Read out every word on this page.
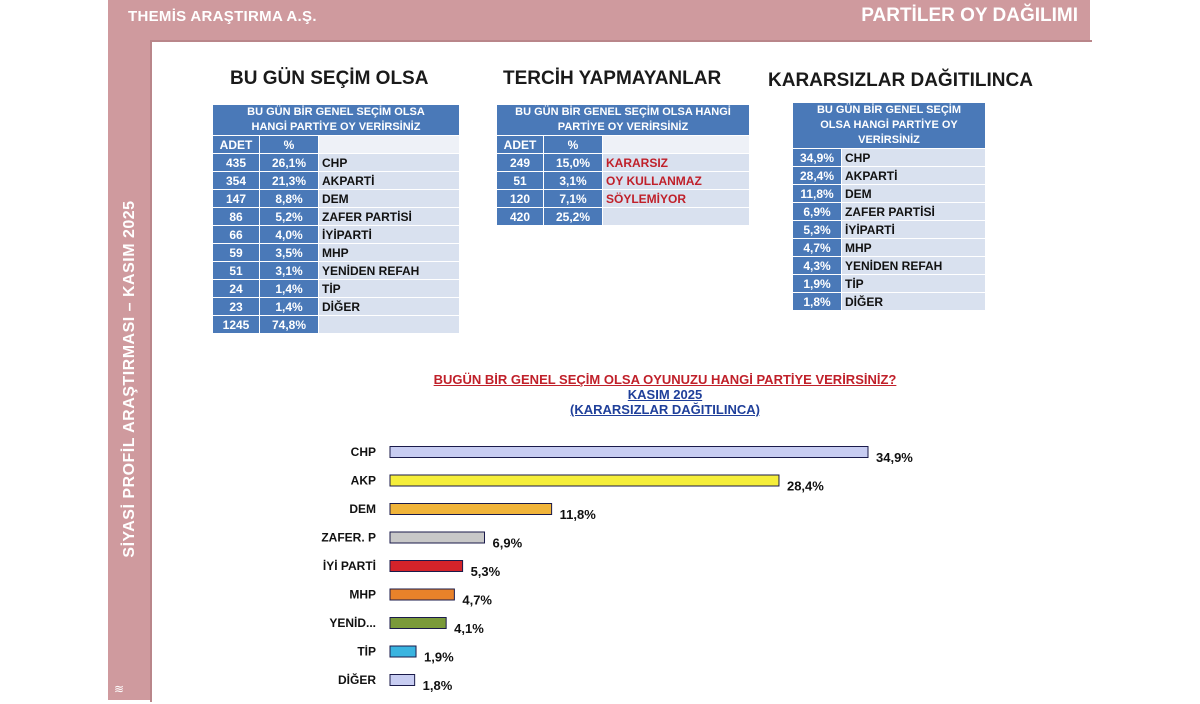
THEMİS ARAŞTIRMA A.Ş.	PARTİLER OY DAĞILIMI
SİYASİ PROFİL ARAŞTIRMASI – KASIM 2025
≋
BU GÜN SEÇİM OLSA
BU GÜN BİR GENEL SEÇİM OLSA
HANGİ PARTİYE OY VERİRSİNİZ		
ADET	%	
435	26,1%	CHP
354	21,3%	AKPARTİ
147	8,8%	DEM
86	5,2%	ZAFER PARTİSİ
66	4,0%	İYİPARTİ
59	3,5%	MHP
51	3,1%	YENİDEN REFAH
24	1,4%	TİP
23	1,4%	DİĞER
1245	74,8%	
TERCİH YAPMAYANLAR
BU GÜN BİR GENEL SEÇİM OLSA HANGİ
PARTİYE OY VERİRSİNİZ		
ADET	%	
249	15,0%	KARARSIZ
51	3,1%	OY KULLANMAZ
120	7,1%	SÖYLEMİYOR
420	25,2%	
KARARSIZLAR DAĞITILINCA
BU GÜN BİR GENEL SEÇİM
OLSA HANGİ PARTİYE OY
VERİRSİNİZ	
34,9%	CHP
28,4%	AKPARTİ
11,8%	DEM
6,9%	ZAFER PARTİSİ
5,3%	İYİPARTİ
4,7%	MHP
4,3%	YENİDEN REFAH
1,9%	TİP
1,8%	DİĞER
BUGÜN BİR GENEL SEÇİM OLSA OYUNUZU HANGİ PARTİYE VERİRSİNİZ?
KASIM 2025
(KARARSIZLAR DAĞITILINCA)
CHP	34,9%
AKP	28,4%
DEM	11,8%
ZAFER. P	6,9%
İYİ PARTİ	5,3%
MHP	4,7%
YENİD...	4,1%
TİP	1,9%
DİĞER	1,8%
